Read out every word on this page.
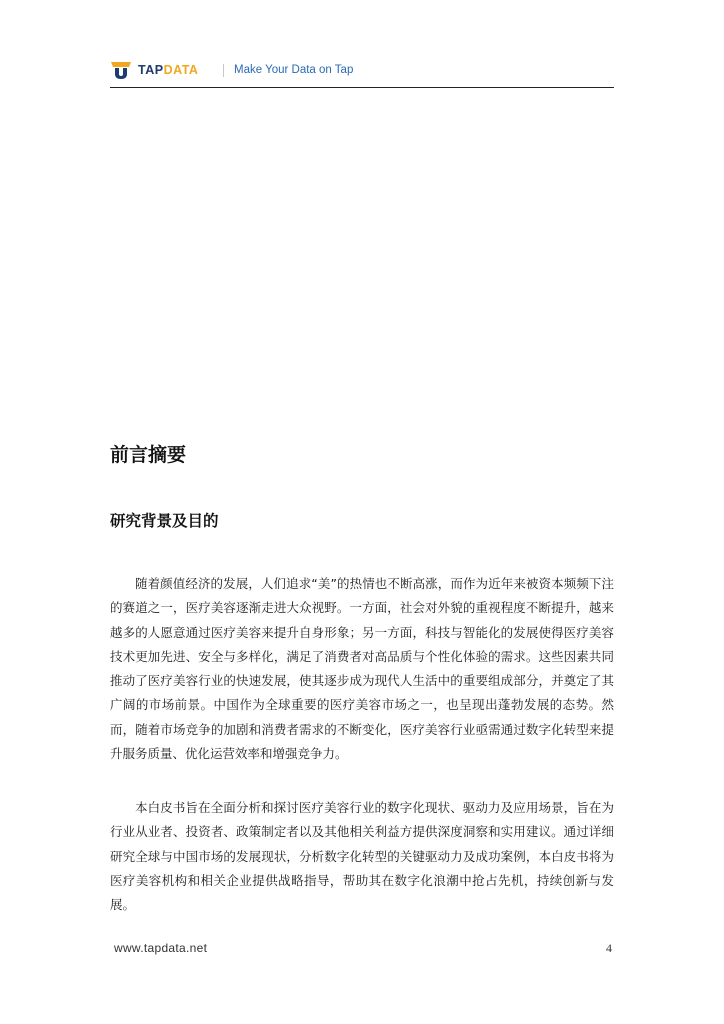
TAPDATA	Make Your Data on Tap
前言摘要
研究背景及目的

随着颜值经济的发展，人们追求“美”的热情也不断高涨，而作为近年来被资本频频下注的赛道之一，医疗美容逐渐走进大众视野。一方面，社会对外貌的重视程度不断提升，越来越多的人愿意通过医疗美容来提升自身形象；另一方面，科技与智能化的发展使得医疗美容技术更加先进、安全与多样化，满足了消费者对高品质与个性化体验的需求。这些因素共同推动了医疗美容行业的快速发展，使其逐步成为现代人生活中的重要组成部分，并奠定了其广阔的市场前景。中国作为全球重要的医疗美容市场之一，也呈现出蓬勃发展的态势。然而，随着市场竞争的加剧和消费者需求的不断变化，医疗美容行业亟需通过数字化转型来提升服务质量、优化运营效率和增强竞争力。

本白皮书旨在全面分析和探讨医疗美容行业的数字化现状、驱动力及应用场景，旨在为行业从业者、投资者、政策制定者以及其他相关利益方提供深度洞察和实用建议。通过详细研究全球与中国市场的发展现状，分析数字化转型的关键驱动力及成功案例，本白皮书将为医疗美容机构和相关企业提供战略指导，帮助其在数字化浪潮中抢占先机，持续创新与发展。

www.tapdata.net	4
